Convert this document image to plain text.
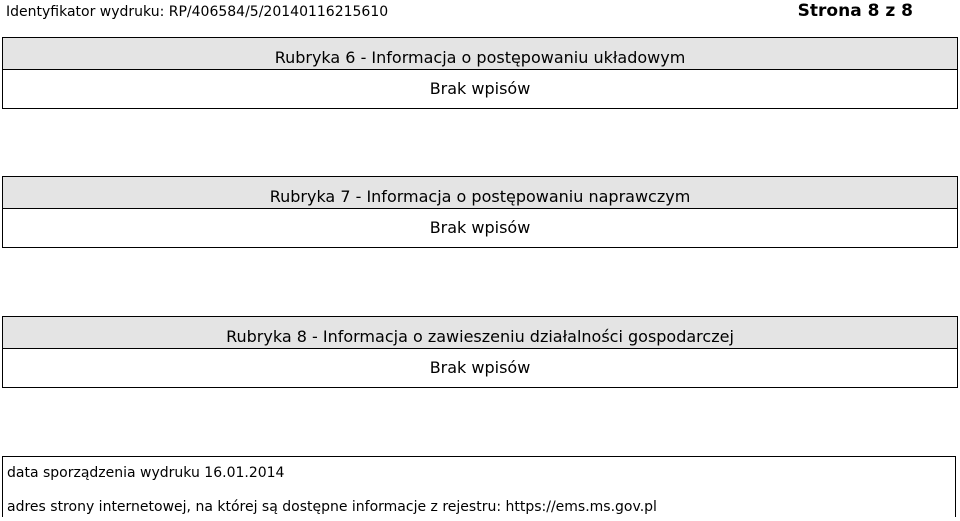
Identyfikator wydruku: RP/406584/5/20140116215610	Strona 8 z 8
Rubryka 6 - Informacja o postępowaniu układowym
Brak wpisów
Rubryka 7 - Informacja o postępowaniu naprawczym
Brak wpisów
Rubryka 8 - Informacja o zawieszeniu działalności gospodarczej
Brak wpisów
data sporządzenia wydruku 16.01.2014
adres strony internetowej, na której są dostępne informacje z rejestru: https://ems.ms.gov.pl
